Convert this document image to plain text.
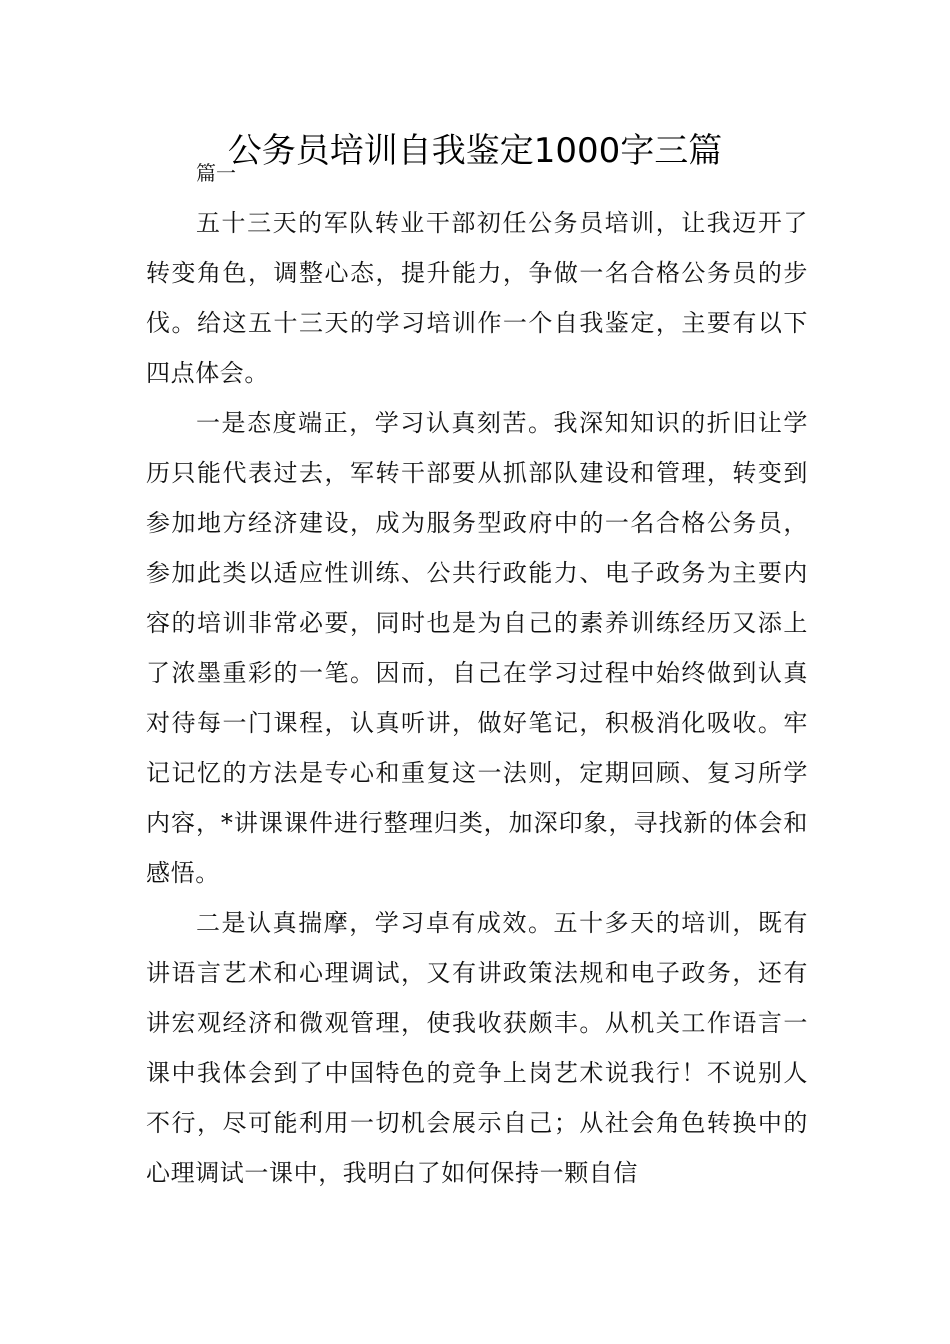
公务员培训自我鉴定1000字三篇

篇一

五十三天的军队转业干部初任公务员培训，让我迈开了转变角色，调整心态，提升能力，争做一名合格公务员的步伐。给这五十三天的学习培训作一个自我鉴定，主要有以下四点体会。

一是态度端正，学习认真刻苦。我深知知识的折旧让学历只能代表过去，军转干部要从抓部队建设和管理，转变到参加地方经济建设，成为服务型政府中的一名合格公务员，参加此类以适应性训练、公共行政能力、电子政务为主要内容的培训非常必要，同时也是为自己的素养训练经历又添上了浓墨重彩的一笔。因而，自己在学习过程中始终做到认真对待每一门课程，认真听讲，做好笔记，积极消化吸收。牢记记忆的方法是专心和重复这一法则，定期回顾、复习所学内容，*讲课课件进行整理归类，加深印象，寻找新的体会和感悟。

二是认真揣摩，学习卓有成效。五十多天的培训，既有讲语言艺术和心理调试，又有讲政策法规和电子政务，还有讲宏观经济和微观管理，使我收获颇丰。从机关工作语言一课中我体会到了中国特色的竞争上岗艺术说我行！不说别人不行，尽可能利用一切机会展示自己；从社会角色转换中的心理调试一课中，我明白了如何保持一颗自信
